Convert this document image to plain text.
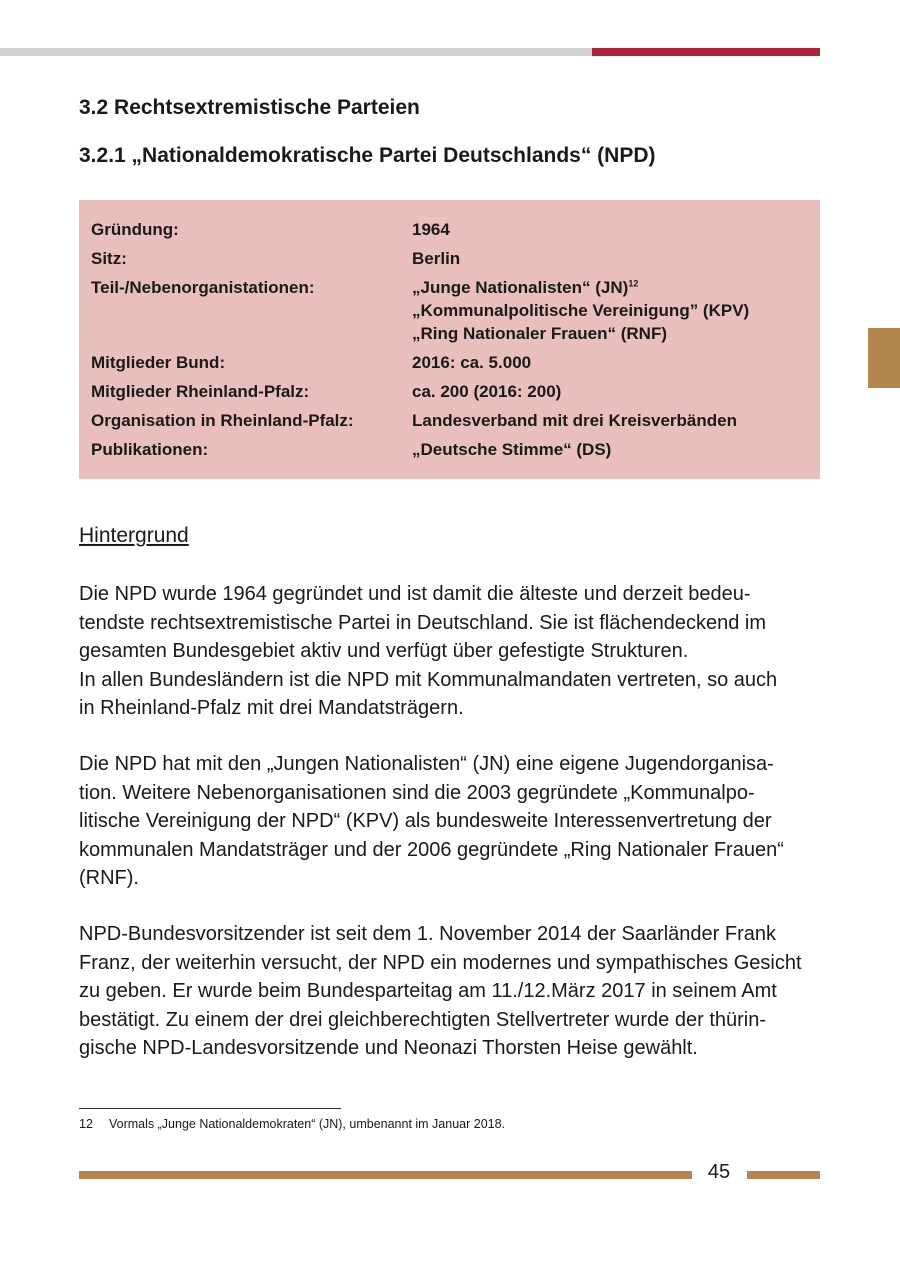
3.2 Rechtsextremistische Parteien
3.2.1 „Nationaldemokratische Partei Deutschlands“ (NPD)
Gründung:	1964
Sitz:	Berlin
Teil-/Nebenorganistationen:	„Junge Nationalisten“ (JN)$^{12}$
„Kommunalpolitische Vereinigung” (KPV)
„Ring Nationaler Frauen“ (RNF)
Mitglieder Bund:	2016: ca. 5.000
Mitglieder Rheinland-Pfalz:	ca. 200 (2016: 200)
Organisation in Rheinland-Pfalz:	Landesverband mit drei Kreisverbänden
Publikationen:	„Deutsche Stimme“ (DS)
Hintergrund

Die NPD wurde 1964 gegründet und ist damit die älteste und derzeit bedeu-
tendste rechtsextremistische Partei in Deutschland. Sie ist flächendeckend im
gesamten Bundesgebiet aktiv und verfügt über gefestigte Strukturen.
In allen Bundesländern ist die NPD mit Kommunalmandaten vertreten, so auch
in Rheinland-Pfalz mit drei Mandatsträgern.

Die NPD hat mit den „Jungen Nationalisten“ (JN) eine eigene Jugendorganisa-
tion. Weitere Nebenorganisationen sind die 2003 gegründete „Kommunalpo-
litische Vereinigung der NPD“ (KPV) als bundesweite Interessenvertretung der
kommunalen Mandatsträger und der 2006 gegründete „Ring Nationaler Frauen“
(RNF).

NPD-Bundesvorsitzender ist seit dem 1. November 2014 der Saarländer Frank
Franz, der weiterhin versucht, der NPD ein modernes und sympathisches Gesicht
zu geben. Er wurde beim Bundesparteitag am 11./12.März 2017 in seinem Amt
bestätigt. Zu einem der drei gleichberechtigten Stellvertreter wurde der thürin-
gische NPD-Landesvorsitzende und Neonazi Thorsten Heise gewählt.

12 Vormals „Junge Nationaldemokraten“ (JN), umbenannt im Januar 2018.
45
